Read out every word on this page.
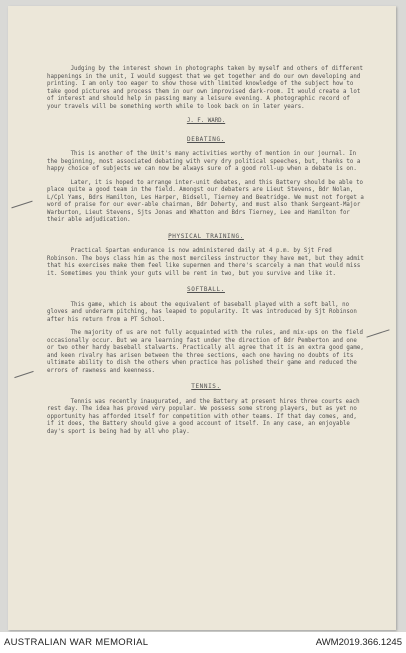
Judging by the interest shown in photographs taken by myself and others of different happenings in the unit, I would suggest that we get together and do our own developing and printing. I am only too eager to show those with limited knowledge of the subject how to take good pictures and process them in our own improvised dark-room. It would create a lot of interest and should help in passing many a leisure evening. A photographic record of your travels will be something worth while to look back on in later years.

J. F. WARD.

DEBATING.

This is another of the Unit's many activities worthy of mention in our journal. In the beginning, most associated debating with very dry political speeches, but, thanks to a happy choice of subjects we can now be always sure of a good roll-up when a debate is on.

Later, it is hoped to arrange inter-unit debates, and this Battery should be able to place quite a good team in the field. Amongst our debaters are Lieut Stevens, Bdr Nolan, L/Cpl Yams, Bdrs Hamilton, Les Harper, Bidsell, Tierney and Beatridge. We must not forget a word of praise for our ever-able chairman, Bdr Doherty, and must also thank Sergeant-Major Warburton, Lieut Stevens, Sjts Jonas and Whatton and Bdrs Tierney, Lee and Hamilton for their able adjudication.

PHYSICAL TRAINING.

Practical Spartan endurance is now administered daily at 4 p.m. by Sjt Fred Robinson. The boys class him as the most merciless instructor they have met, but they admit that his exercises make them feel like supermen and there's scarcely a man that would miss it. Sometimes you think your guts will be rent in two, but you survive and like it.

SOFTBALL.

This game, which is about the equivalent of baseball played with a soft ball, no gloves and underarm pitching, has leaped to popularity. It was introduced by Sjt Robinson after his return from a PT School.

The majority of us are not fully acquainted with the rules, and mix-ups on the field occasionally occur. But we are learning fast under the direction of Bdr Pemberton and one or two other hardy baseball stalwarts. Practically all agree that it is an extra good game, and keen rivalry has arisen between the three sections, each one having no doubts of its ultimate ability to dish the others when practice has polished their game and reduced the errors of rawness and keenness.

TENNIS.

Tennis was recently inaugurated, and the Battery at present hires three courts each rest day. The idea has proved very popular. We possess some strong players, but as yet no opportunity has afforded itself for competition with other teams. If that day comes, and, if it does, the Battery should give a good account of itself. In any case, an enjoyable day's sport is being had by all who play.

AUSTRALIAN WAR MEMORIAL	AWM2019.366.1245
